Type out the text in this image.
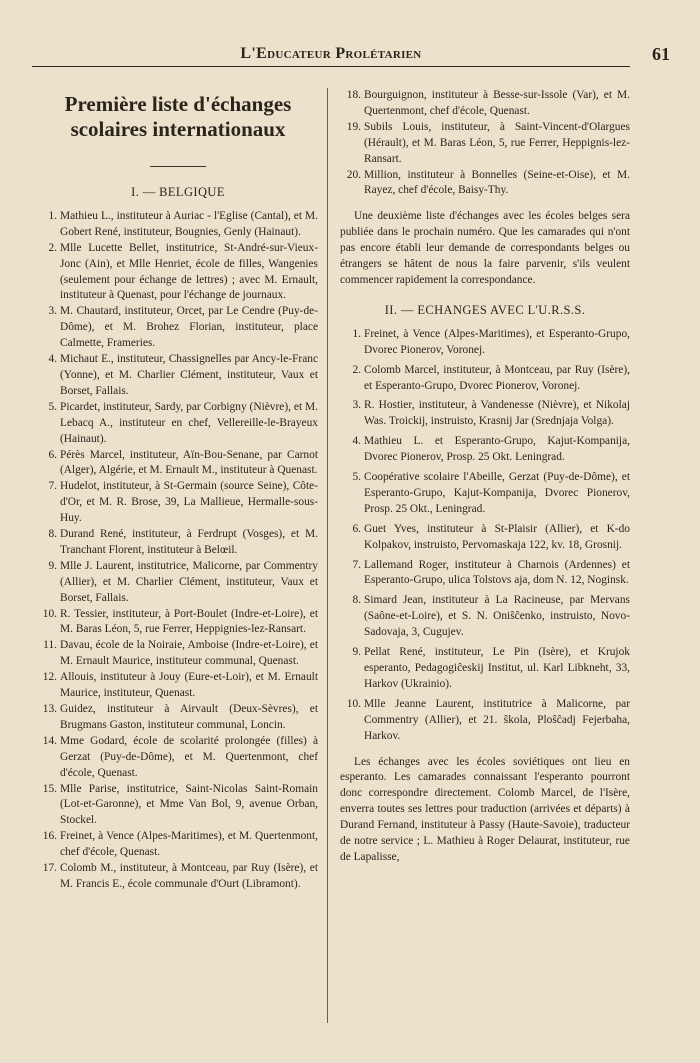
L'Educateur Prolétarien	61
Première liste d'échanges
scolaires internationaux
I. — BELGIQUE
1. Mathieu L., instituteur à Auriac - l'Eglise (Cantal), et M. Gobert René, instituteur, Bougnies, Genly (Hainaut).
2. Mlle Lucette Bellet, institutrice, St-André-sur-Vieux-Jonc (Ain), et Mlle Henriet, école de filles, Wangenies (seulement pour échange de lettres) ; avec M. Ernault, instituteur à Quenast, pour l'échange de journaux.
3. M. Chautard, instituteur, Orcet, par Le Cendre (Puy-de-Dôme), et M. Brohez Florian, instituteur, place Calmette, Frameries.
4. Michaut E., instituteur, Chassignelles par Ancy-le-Franc (Yonne), et M. Charlier Clément, instituteur, Vaux et Borset, Fallais.
5. Picardet, instituteur, Sardy, par Corbigny (Nièvre), et M. Lebacq A., instituteur en chef, Vellereille-le-Brayeux (Hainaut).
6. Pérès Marcel, instituteur, Aïn-Bou-Senane, par Carnot (Alger), Algérie, et M. Ernault M., instituteur à Quenast.
7. Hudelot, instituteur, à St-Germain (source Seine), Côte-d'Or, et M. R. Brose, 39, La Mallieue, Hermalle-sous-Huy.
8. Durand René, instituteur, à Ferdrupt (Vosges), et M. Tranchant Florent, instituteur à Belœil.
9. Mlle J. Laurent, institutrice, Malicorne, par Commentry (Allier), et M. Charlier Clément, instituteur, Vaux et Borset, Fallais.
10. R. Tessier, instituteur, à Port-Boulet (Indre-et-Loire), et M. Baras Léon, 5, rue Ferrer, Heppignies-lez-Ransart.
11. Davau, école de la Noiraie, Amboise (Indre-et-Loire), et M. Ernault Maurice, instituteur communal, Quenast.
12. Allouis, instituteur à Jouy (Eure-et-Loir), et M. Ernault Maurice, instituteur, Quenast.
13. Guidez, instituteur à Airvault (Deux-Sèvres), et Brugmans Gaston, instituteur communal, Loncin.
14. Mme Godard, école de scolarité prolongée (filles) à Gerzat (Puy-de-Dôme), et M. Quertenmont, chef d'école, Quenast.
15. Mlle Parise, institutrice, Saint-Nicolas Saint-Romain (Lot-et-Garonne), et Mme Van Bol, 9, avenue Orban, Stockel.
16. Freinet, à Vence (Alpes-Maritimes), et M. Quertenmont, chef d'école, Quenast.
17. Colomb M., instituteur, à Montceau, par Ruy (Isère), et M. Francis E., école communale d'Ourt (Libramont).
18. Bourguignon, instituteur à Besse-sur-Issole (Var), et M. Quertenmont, chef d'école, Quenast.
19. Subils Louis, instituteur, à Saint-Vincent-d'Olargues (Hérault), et M. Baras Léon, 5, rue Ferrer, Heppignis-lez-Ransart.
20. Million, instituteur à Bonnelles (Seine-et-Oise), et M. Rayez, chef d'école, Baisy-Thy.

Une deuxième liste d'échanges avec les écoles belges sera publiée dans le prochain numéro. Que les camarades qui n'ont pas encore établi leur demande de correspondants belges ou étrangers se hâtent de nous la faire parvenir, s'ils veulent commencer rapidement la correspondance.

II. — ECHANGES AVEC L'U.R.S.S.
1. Freinet, à Vence (Alpes-Maritimes), et Esperanto-Grupo, Dvorec Pionerov, Voronej.
2. Colomb Marcel, instituteur, à Montceau, par Ruy (Isère), et Esperanto-Grupo, Dvorec Pionerov, Voronej.
3. R. Hostier, instituteur, à Vandenesse (Nièvre), et Nikolaj Was. Troickij, instruisto, Krasnij Jar (Srednjaja Volga).
4. Mathieu L. et Esperanto-Grupo, Kajut-Kompanija, Dvorec Pionerov, Prosp. 25 Okt. Leningrad.
5. Coopérative scolaire l'Abeille, Gerzat (Puy-de-Dôme), et Esperanto-Grupo, Kajut-Kompanija, Dvorec Pionerov, Prosp. 25 Okt., Leningrad.
6. Guet Yves, instituteur à St-Plaisir (Allier), et K-do Kolpakov, instruisto, Pervomaskaja 122, kv. 18, Grosnij.
7. Lallemand Roger, instituteur à Charnois (Ardennes) et Esperanto-Grupo, ulica Tolstovs aja, dom N. 12, Noginsk.
8. Simard Jean, instituteur à La Racineuse, par Mervans (Saône-et-Loire), et S. N. Oniŝĉenko, instruisto, Novo-Sadovaja, 3, Cugujev.
9. Pellat René, instituteur, Le Pin (Isère), et Krujok esperanto, Pedagogiĉeskij Institut, ul. Karl Libkneht, 33, Harkov (Ukrainio).
10. Mlle Jeanne Laurent, institutrice à Malicorne, par Commentry (Allier), et 21. ŝkola, Ploŝĉadj Fejerbaha, Harkov.

Les échanges avec les écoles soviétiques ont lieu en esperanto. Les camarades connaissant l'esperanto pourront donc correspondre directement. Colomb Marcel, de l'Isère, enverra toutes ses lettres pour traduction (arrivées et départs) à Durand Fernand, instituteur à Passy (Haute-Savoie), traducteur de notre service ; L. Mathieu à Roger Delaurat, instituteur, rue de Lapalisse,
